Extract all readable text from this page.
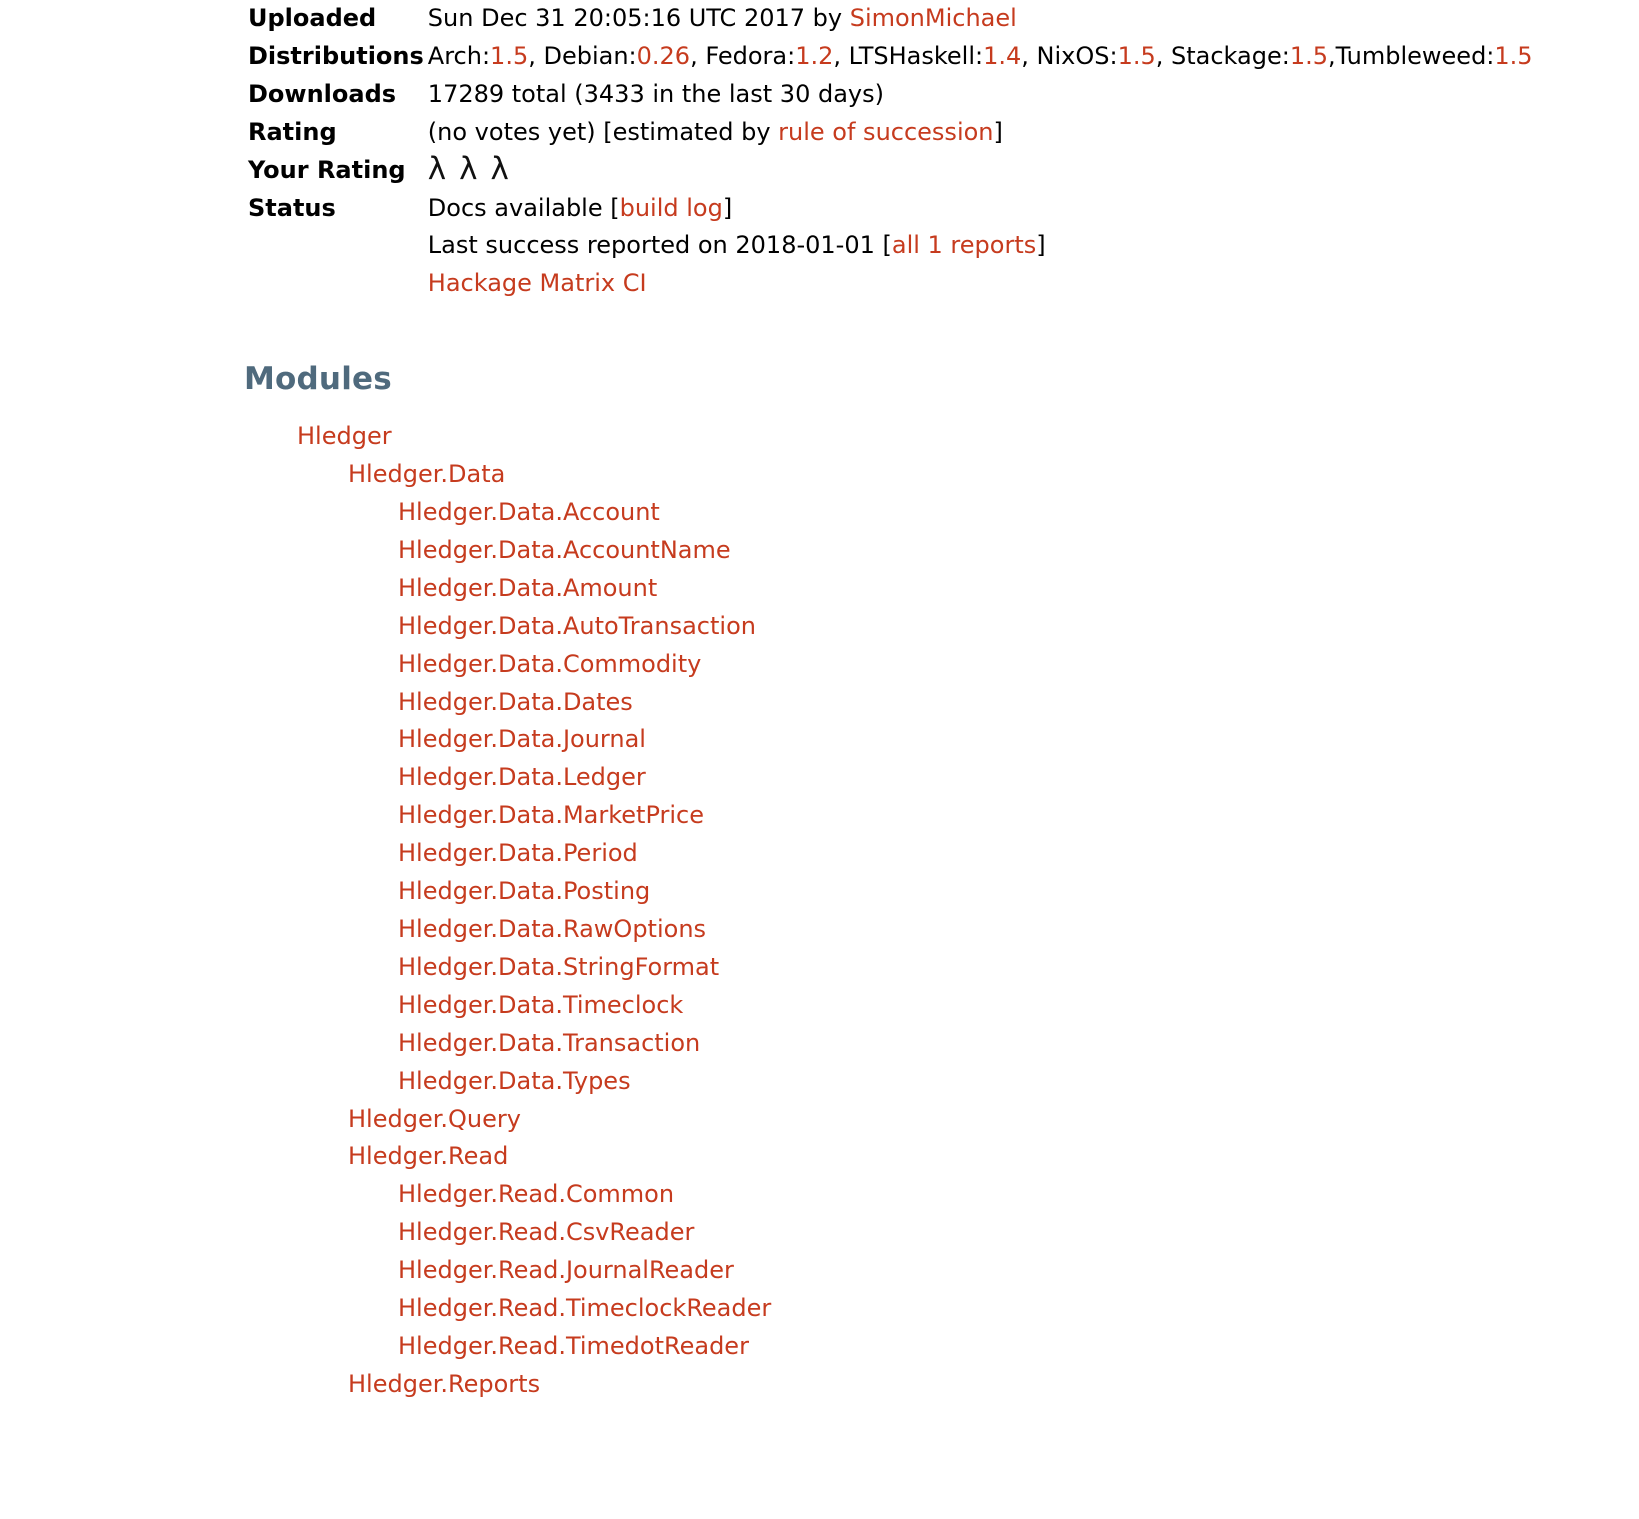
Uploaded	Sun Dec 31 20:05:16 UTC 2017 by SimonMichael
Distributions	Arch:1.5, Debian:0.26, Fedora:1.2, LTSHaskell:1.4, NixOS:1.5, Stackage:1.5,Tumbleweed:1.5

Downloads	17289 total (3433 in the last 30 days)
Rating	(no votes yet) [estimated by rule of succession]
Your Rating	λλλ

Status	Docs available [build log]
Last success reported on 2018-01-01 [all 1 reports]
Hackage Matrix CI
Modules
Hledger
Hledger.Data
Hledger.Data.Account
Hledger.Data.AccountName
Hledger.Data.Amount
Hledger.Data.AutoTransaction
Hledger.Data.Commodity
Hledger.Data.Dates
Hledger.Data.Journal
Hledger.Data.Ledger
Hledger.Data.MarketPrice
Hledger.Data.Period
Hledger.Data.Posting
Hledger.Data.RawOptions
Hledger.Data.StringFormat
Hledger.Data.Timeclock
Hledger.Data.Transaction
Hledger.Data.Types
Hledger.Query
Hledger.Read
Hledger.Read.Common
Hledger.Read.CsvReader
Hledger.Read.JournalReader
Hledger.Read.TimeclockReader
Hledger.Read.TimedotReader
Hledger.Reports
